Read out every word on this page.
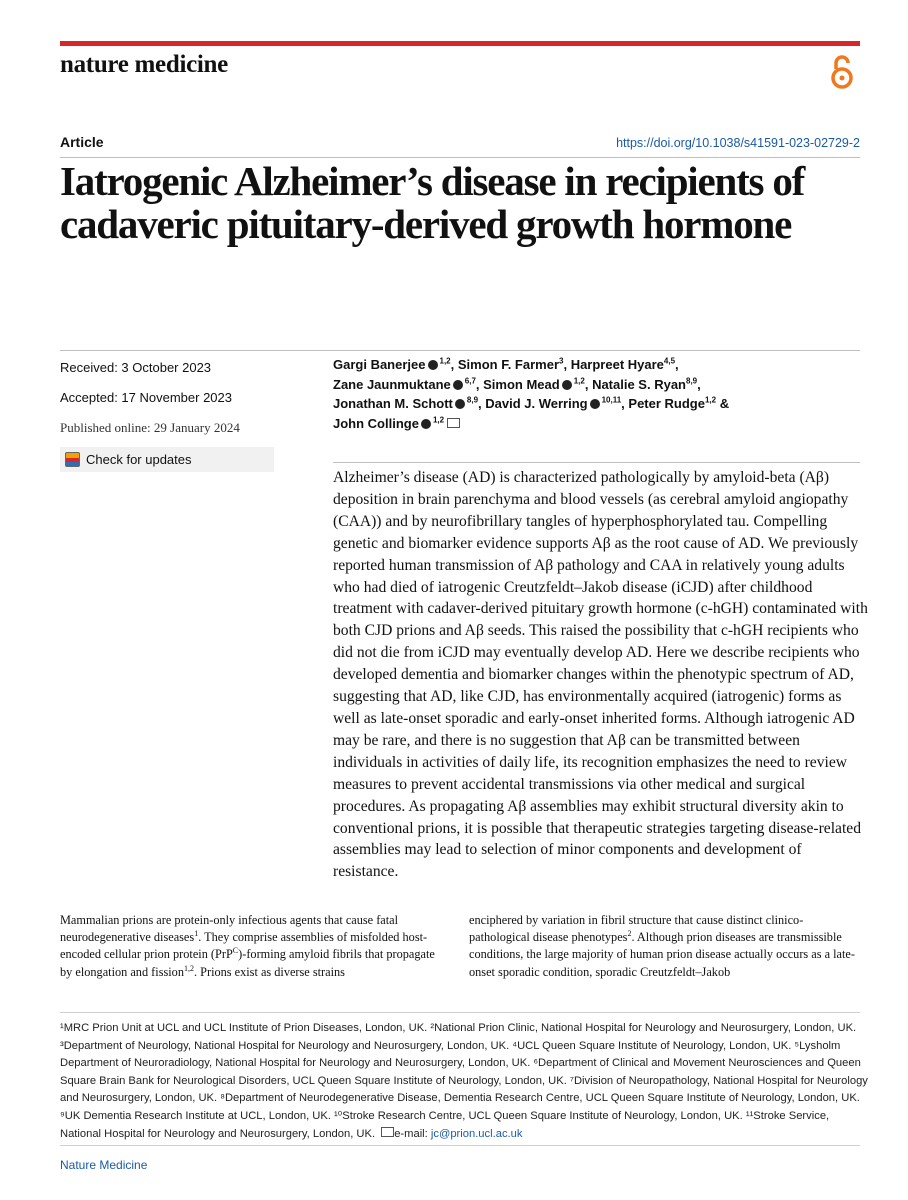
nature medicine
Article	https://doi.org/10.1038/s41591-023-02729-2
Iatrogenic Alzheimer’s disease in recipients of cadaveric pituitary-derived growth hormone
Received: 3 October 2023
Accepted: 17 November 2023
Published online: 29 January 2024
Check for updates
Gargi Banerjee $^{1,2}$, Simon F. Farmer$^3$, Harpreet Hyare$^{4,5}$,
Zane Jaunmuktane $^{6,7}$, Simon Mead $^{1,2}$, Natalie S. Ryan$^{8,9}$,
Jonathan M. Schott $^{8,9}$, David J. Werring $^{10,11}$, Peter Rudge$^{1,2}$ &
John Collinge $^{1,2}$
Alzheimer’s disease (AD) is characterized pathologically by amyloid-beta (Aβ) deposition in brain parenchyma and blood vessels (as cerebral amyloid angiopathy (CAA)) and by neurofibrillary tangles of hyperphosphorylated tau. Compelling genetic and biomarker evidence supports Aβ as the root cause of AD. We previously reported human transmission of Aβ pathology and CAA in relatively young adults who had died of iatrogenic Creutzfeldt–Jakob disease (iCJD) after childhood treatment with cadaver-derived pituitary growth hormone (c-hGH) contaminated with both CJD prions and Aβ seeds. This raised the possibility that c-hGH recipients who did not die from iCJD may eventually develop AD. Here we describe recipients who developed dementia and biomarker changes within the phenotypic spectrum of AD, suggesting that AD, like CJD, has environmentally acquired (iatrogenic) forms as well as late-onset sporadic and early-onset inherited forms. Although iatrogenic AD may be rare, and there is no suggestion that Aβ can be transmitted between individuals in activities of daily life, its recognition emphasizes the need to review measures to prevent accidental transmissions via other medical and surgical procedures. As propagating Aβ assemblies may exhibit structural diversity akin to conventional prions, it is possible that therapeutic strategies targeting disease-related assemblies may lead to selection of minor components and development of resistance.
Mammalian prions are protein-only infectious agents that cause fatal neurodegenerative diseases$^1$. They comprise assemblies of misfolded host-encoded cellular prion protein (PrP$^C$)-forming amyloid fibrils that propagate by elongation and fission$^{1,2}$. Prions exist as diverse strains
enciphered by variation in fibril structure that cause distinct clinico-pathological disease phenotypes$^2$. Although prion diseases are transmissible conditions, the large majority of human prion disease actually occurs as a late-onset sporadic condition, sporadic Creutzfeldt–Jakob
¹MRC Prion Unit at UCL and UCL Institute of Prion Diseases, London, UK. ²National Prion Clinic, National Hospital for Neurology and Neurosurgery, London, UK. ³Department of Neurology, National Hospital for Neurology and Neurosurgery, London, UK. ⁴UCL Queen Square Institute of Neurology, London, UK. ⁵Lysholm Department of Neuroradiology, National Hospital for Neurology and Neurosurgery, London, UK. ⁶Department of Clinical and Movement Neurosciences and Queen Square Brain Bank for Neurological Disorders, UCL Queen Square Institute of Neurology, London, UK. ⁷Division of Neuropathology, National Hospital for Neurology and Neurosurgery, London, UK. ⁸Department of Neurodegenerative Disease, Dementia Research Centre, UCL Queen Square Institute of Neurology, London, UK. ⁹UK Dementia Research Institute at UCL, London, UK. ¹⁰Stroke Research Centre, UCL Queen Square Institute of Neurology, London, UK. ¹¹Stroke Service, National Hospital for Neurology and Neurosurgery, London, UK. e-mail: jc@prion.ucl.ac.uk
Nature Medicine
